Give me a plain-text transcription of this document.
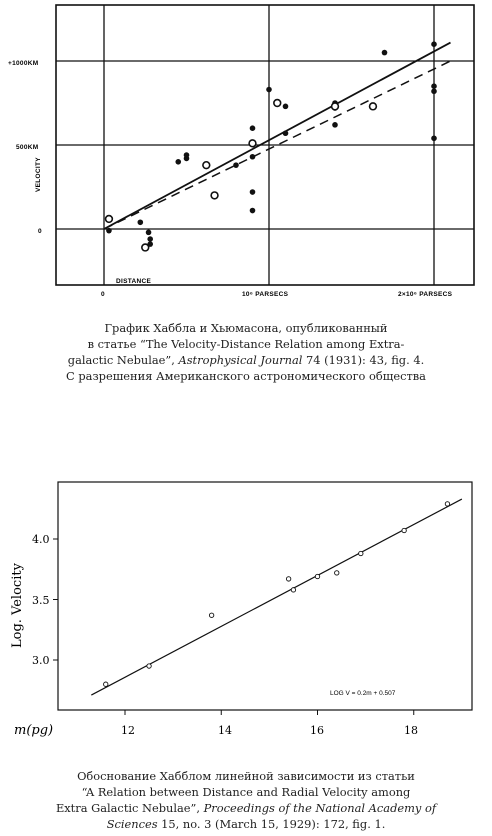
+1000KM
500KM
0
0	10⁶ PARSECS	2×10⁶ PARSECS
DISTANCE
VELOCITY
График Хаббла и Хьюмасона, опубликованный
в статье “The Velocity-Distance Relation among Extra-
galactic Nebulae”, Astrophysical Journal 74 (1931): 43, fig. 4.
С разрешения Американского астрономического общества
4.0
3.5
3.0
12	14	16	18
m(pg)
Log. Velocity
LOG V = 0.2m + 0.507
Обоснование Хабблом линейной зависимости из статьи
“A Relation between Distance and Radial Velocity among
Extra Galactic Nebulae”, Proceedings of the National Academy of
Sciences 15, no. 3 (March 15, 1929): 172, fig. 1.
